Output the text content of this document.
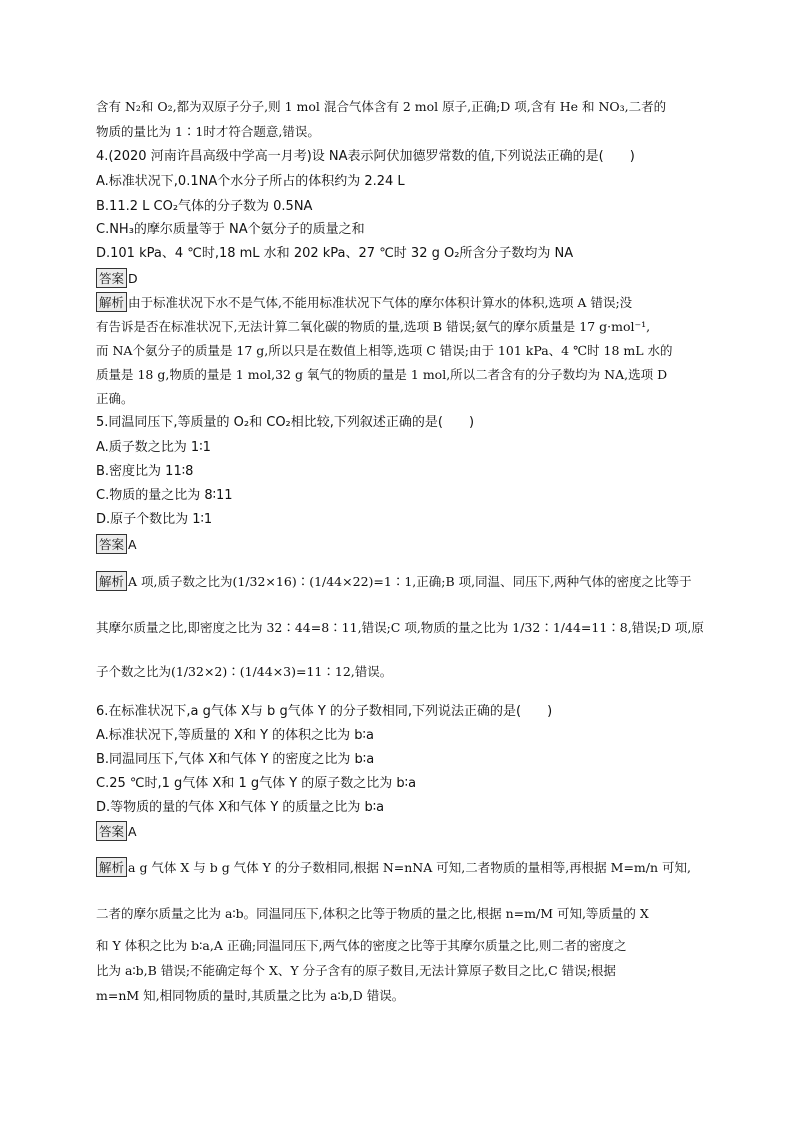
含有 N₂和 O₂,都为双原子分子,则 1 mol 混合气体含有 2 mol 原子,正确;D 项,含有 He 和 NO₃,二者的
物质的量比为 1∶1时才符合题意,错误。
4.(2020 河南许昌高级中学高一月考)设 NA表示阿伏加德罗常数的值,下列说法正确的是(　　)
A.标准状况下,0.1NA个水分子所占的体积约为 2.24 L
B.11.2 L CO₂气体的分子数为 0.5NA
C.NH₃的摩尔质量等于 NA个氨分子的质量之和
D.101 kPa、4 ℃时,18 mL 水和 202 kPa、27 ℃时 32 g O₂所含分子数均为 NA
答案 D
解析 由于标准状况下水不是气体,不能用标准状况下气体的摩尔体积计算水的体积,选项 A 错误;没
有告诉是否在标准状况下,无法计算二氧化碳的物质的量,选项 B 错误;氨气的摩尔质量是 17 g·mol⁻¹,
而 NA个氨分子的质量是 17 g,所以只是在数值上相等,选项 C 错误;由于 101 kPa、4 ℃时 18 mL 水的
质量是 18 g,物质的量是 1 mol,32 g 氧气的物质的量是 1 mol,所以二者含有的分子数均为 NA,选项 D
正确。
5.同温同压下,等质量的 O₂和 CO₂相比较,下列叙述正确的是(　　)
A.质子数之比为 1∶1
B.密度比为 11∶8
C.物质的量之比为 8∶11
D.原子个数比为 1∶1
答案 A
解析 A 项,质子数之比为(1/32×16)∶(1/44×22)=1∶1,正确;B 项,同温、同压下,两种气体的密度之比等于
其摩尔质量之比,即密度之比为 32∶44=8∶11,错误;C 项,物质的量之比为 1/32∶1/44=11∶8,错误;D 项,原
子个数之比为(1/32×2)∶(1/44×3)=11∶12,错误。
6.在标准状况下,a g气体 X与 b g气体 Y 的分子数相同,下列说法正确的是(　　)
A.标准状况下,等质量的 X和 Y 的体积之比为 b∶a
B.同温同压下,气体 X和气体 Y 的密度之比为 b∶a
C.25 ℃时,1 g气体 X和 1 g气体 Y 的原子数之比为 b∶a
D.等物质的量的气体 X和气体 Y 的质量之比为 b∶a
答案 A
解析 a g 气体 X 与 b g 气体 Y 的分子数相同,根据 N=nNA 可知,二者物质的量相等,再根据 M=m/n 可知,
二者的摩尔质量之比为 a∶b。同温同压下,体积之比等于物质的量之比,根据 n=m/M 可知,等质量的 X
和 Y 体积之比为 b∶a,A 正确;同温同压下,两气体的密度之比等于其摩尔质量之比,则二者的密度之
比为 a∶b,B 错误;不能确定每个 X、Y 分子含有的原子数目,无法计算原子数目之比,C 错误;根据
m=nM 知,相同物质的量时,其质量之比为 a∶b,D 错误。
